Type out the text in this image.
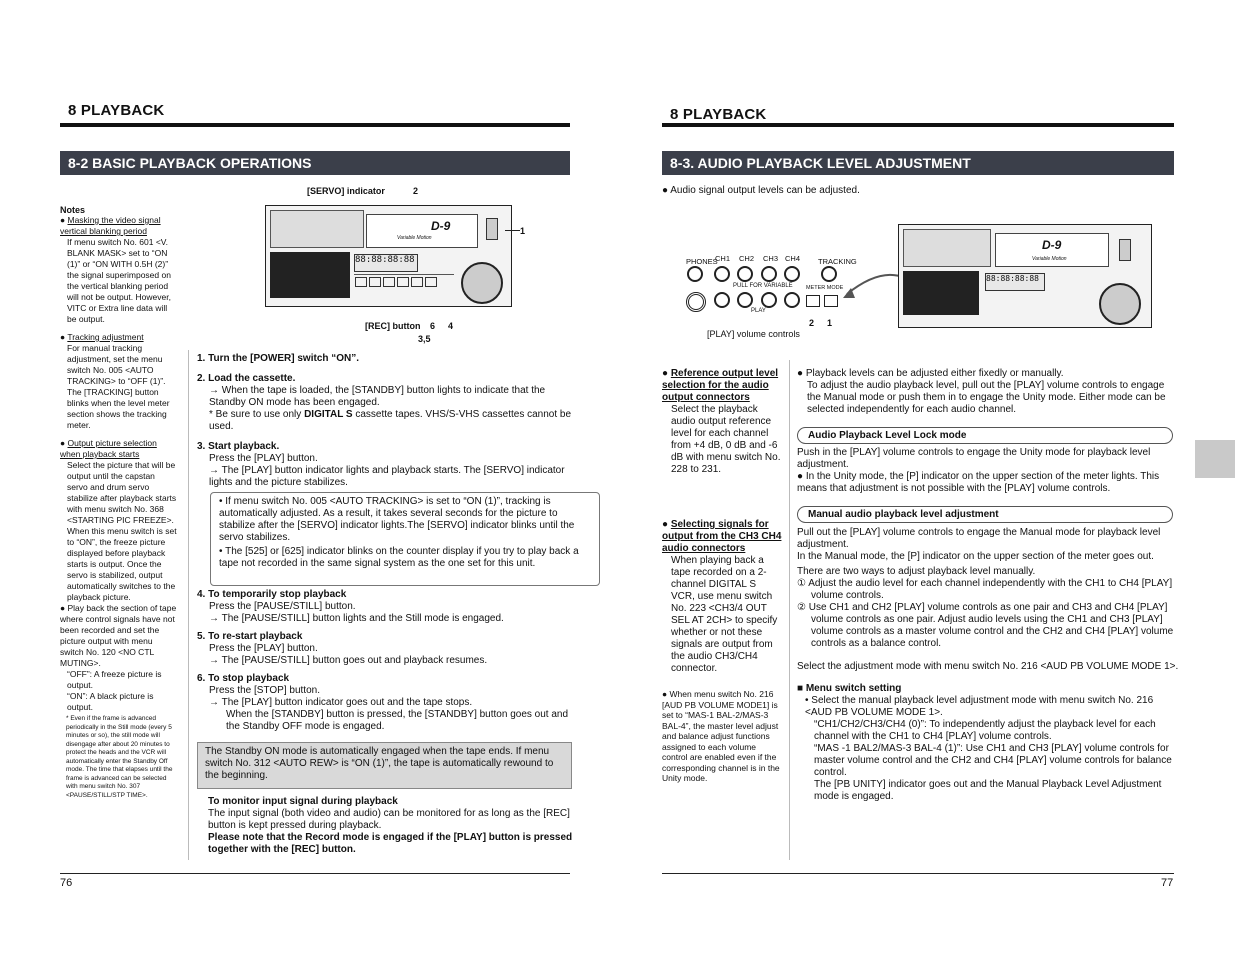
8 PLAYBACK
8-2 BASIC PLAYBACK OPERATIONS
[SERVO] indicator	2
D-9
Variable Motion
88:88:88:88
1
[REC] button 6 4
3,5
Notes
● Masking the video signal vertical blanking period
If menu switch No. 601 <V. BLANK MASK> set to “ON (1)” or “ON WITH 0.5H (2)” the signal superimposed on the vertical blanking period will not be output. However, VITC or Extra line data will be output.
● Tracking adjustment
For manual tracking adjustment, set the menu switch No. 005 <AUTO TRACKING> to “OFF (1)”. The [TRACKING] button blinks when the level meter section shows the tracking meter.
● Output picture selection when playback starts
Select the picture that will be output until the capstan servo and drum servo stabilize after playback starts with menu switch No. 368 <STARTING PIC FREEZE>. When this menu switch is set to “ON”, the freeze picture displayed before playback starts is output. Once the servo is stabilized, output automatically switches to the playback picture.
● Play back the section of tape where control signals have not been recorded and set the picture output with menu switch No. 120 <NO CTL MUTING>.
“OFF”: A freeze picture is output.
“ON”: A black picture is output.
* Even if the frame is advanced periodically in the Still mode (every 5 minutes or so), the still mode will disengage after about 20 minutes to protect the heads and the VCR will automatically enter the Standby Off mode. The time that elapses until the frame is advanced can be selected with menu switch No. 307 <PAUSE/STILL/STP TIME>.
1. Turn the [POWER] switch “ON”.
2. Load the cassette.
→ When the tape is loaded, the [STANDBY] button lights to indicate that the Standby ON mode has been engaged.
* Be sure to use only DIGITAL S cassette tapes. VHS/S-VHS cassettes cannot be used.
3. Start playback.
Press the [PLAY] button.
→ The [PLAY] button indicator lights and playback starts. The [SERVO] indicator lights and the picture stabilizes.
• If menu switch No. 005 <AUTO TRACKING> is set to “ON (1)”, tracking is automatically adjusted. As a result, it takes several seconds for the picture to stabilize after the [SERVO] indicator lights.The [SERVO] indicator blinks until the servo stabilizes.
• The [525] or [625] indicator blinks on the counter display if you try to play back a tape not recorded in the same signal system as the one set for this unit.
4. To temporarily stop playback
Press the [PAUSE/STILL] button.
→ The [PAUSE/STILL] button lights and the Still mode is engaged.
5. To re-start playback
Press the [PLAY] button.
→ The [PAUSE/STILL] button goes out and playback resumes.
6. To stop playback
Press the [STOP] button.
→ The [PLAY] button indicator goes out and the tape stops.
When the [STANDBY] button is pressed, the [STANDBY] button goes out and the Standby OFF mode is engaged.
The Standby ON mode is automatically engaged when the tape ends. If menu switch No. 312 <AUTO REW> is “ON (1)”, the tape is automatically rewound to the beginning.
To monitor input signal during playback
The input signal (both video and audio) can be monitored for as long as the [REC] button is kept pressed during playback.
Please note that the Record mode is engaged if the [PLAY] button is pressed together with the [REC] button.
76
8 PLAYBACK
8-3. AUDIO PLAYBACK LEVEL ADJUSTMENT
● Audio signal output levels can be adjusted.
PHONES
CH1 CH2 CH3 CH4 TRACKING
PULL FOR VARIABLE
PLAY
METER MODE
2 1
[PLAY] volume controls
D-9
Variable Motion
88:88:88:88
● Reference output level selection for the audio output connectors
Select the playback audio output reference level for each channel from +4 dB, 0 dB and -6 dB with menu switch No. 228 to 231.
● Selecting signals for output from the CH3 CH4 audio connectors
When playing back a tape recorded on a 2-channel DIGITAL S VCR, use menu switch No. 223 <CH3/4 OUT SEL AT 2CH> to specify whether or not these signals are output from the audio CH3/CH4 connector.
● When menu switch No. 216 [AUD PB VOLUME MODE1] is set to “MAS-1 BAL-2/MAS-3 BAL-4”, the master level adjust and balance adjust functions assigned to each volume control are enabled even if the corresponding channel is in the Unity mode.
● Playback levels can be adjusted either fixedly or manually.
To adjust the audio playback level, pull out the [PLAY] volume controls to engage the Manual mode or push them in to engage the Unity mode. Either mode can be selected independently for each audio channel.
Audio Playback Level Lock mode
Push in the [PLAY] volume controls to engage the Unity mode for playback level adjustment.
● In the Unity mode, the [P] indicator on the upper section of the meter lights. This means that adjustment is not possible with the [PLAY] volume controls.
Manual audio playback level adjustment
Pull out the [PLAY] volume controls to engage the Manual mode for playback level adjustment.
In the Manual mode, the [P] indicator on the upper section of the meter goes out.
There are two ways to adjust playback level manually.
① Adjust the audio level for each channel independently with the CH1 to CH4 [PLAY] volume controls.
② Use CH1 and CH2 [PLAY] volume controls as one pair and CH3 and CH4 [PLAY] volume controls as one pair. Adjust audio levels using the CH1 and CH3 [PLAY] volume controls as a master volume control and the CH2 and CH4 [PLAY] volume controls as a balance control.
Select the adjustment mode with menu switch No. 216 <AUD PB VOLUME MODE 1>.
■ Menu switch setting
• Select the manual playback level adjustment mode with menu switch No. 216 <AUD PB VOLUME MODE 1>.
“CH1/CH2/CH3/CH4 (0)”: To independently adjust the playback level for each channel with the CH1 to CH4 [PLAY] volume controls.
“MAS -1 BAL2/MAS-3 BAL-4 (1)”: Use CH1 and CH3 [PLAY] volume controls for master volume control and the CH2 and CH4 [PLAY] volume controls for balance control.
The [PB UNITY] indicator goes out and the Manual Playback Level Adjustment mode is engaged.
77
